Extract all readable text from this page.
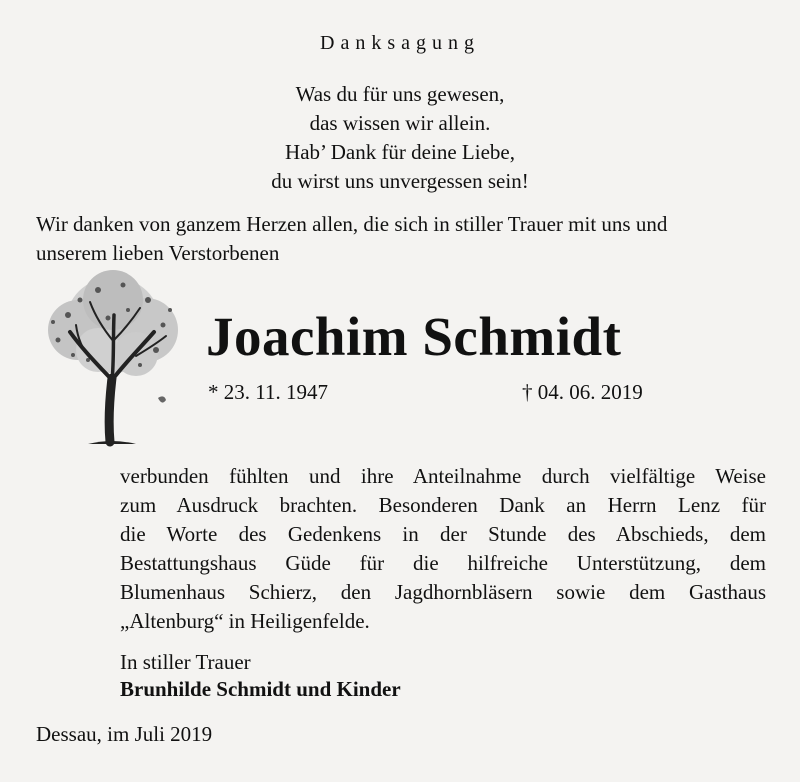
Danksagung
Was du für uns gewesen,
das wissen wir allein.
Hab’ Dank für deine Liebe,
du wirst uns unvergessen sein!
Wir danken von ganzem Herzen allen, die sich in stiller Trauer mit uns und
unserem lieben Verstorbenen
Joachim Schmidt
* 23. 11. 1947	† 04. 06. 2019
verbunden fühlten und ihre Anteilnahme durch vielfältige Weise
zum Ausdruck brachten. Besonderen Dank an Herrn Lenz für
die Worte des Gedenkens in der Stunde des Abschieds, dem
Bestattungshaus Güde für die hilfreiche Unterstützung, dem
Blumenhaus Schierz, den Jagdhornbläsern sowie dem Gasthaus
„Altenburg“ in Heiligenfelde.
In stiller Trauer
Brunhilde Schmidt und Kinder
Dessau, im Juli 2019
